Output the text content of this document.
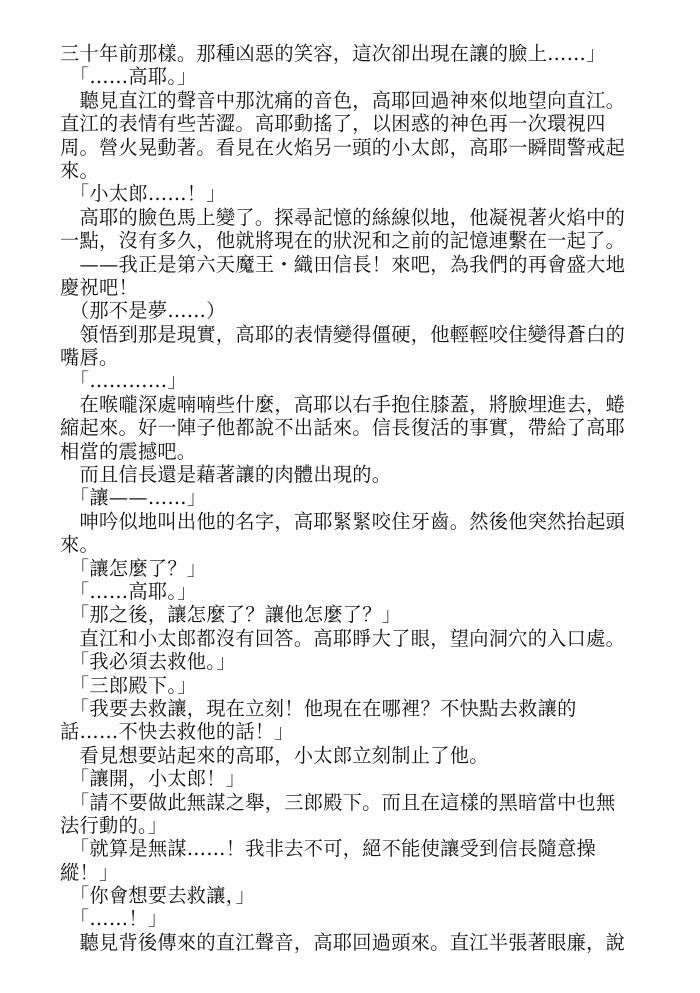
三十年前那樣。那種凶惡的笑容，這次卻出現在讓的臉上……」
　「……高耶。」
　聽見直江的聲音中那沈痛的音色，高耶回過神來似地望向直江。
直江的表情有些苦澀。高耶動搖了，以困惑的神色再一次環視四
周。營火晃動著。看見在火焰另一頭的小太郎，高耶一瞬間警戒起
來。
　「小太郎……！」
　高耶的臉色馬上變了。探尋記憶的絲線似地，他凝視著火焰中的
一點，沒有多久，他就將現在的狀況和之前的記憶連繫在一起了。
　——我正是第六天魔王・織田信長！來吧，為我們的再會盛大地
慶祝吧！
　（那不是夢……）
　領悟到那是現實，高耶的表情變得僵硬，他輕輕咬住變得蒼白的
嘴唇。
　「…………」
　在喉嚨深處喃喃些什麼，高耶以右手抱住膝蓋，將臉埋進去，蜷
縮起來。好一陣子他都說不出話來。信長復活的事實，帶給了高耶
相當的震撼吧。
　而且信長還是藉著讓的肉體出現的。
　「讓——……」
　呻吟似地叫出他的名字，高耶緊緊咬住牙齒。然後他突然抬起頭
來。
　「讓怎麼了？」
　「……高耶。」
　「那之後，讓怎麼了？讓他怎麼了？」
　直江和小太郎都沒有回答。高耶睜大了眼，望向洞穴的入口處。
　「我必須去救他。」
　「三郎殿下。」
　「我要去救讓，現在立刻！他現在在哪裡？不快點去救讓的
話……不快去救他的話！」
　看見想要站起來的高耶，小太郎立刻制止了他。
　「讓開，小太郎！」
　「請不要做此無謀之舉，三郎殿下。而且在這樣的黑暗當中也無
法行動的。」
　「就算是無謀……！我非去不可，絕不能使讓受到信長隨意操
縱！」
　「你會想要去救讓，」
　「……！」
　聽見背後傳來的直江聲音，高耶回過頭來。直江半張著眼廉，說
